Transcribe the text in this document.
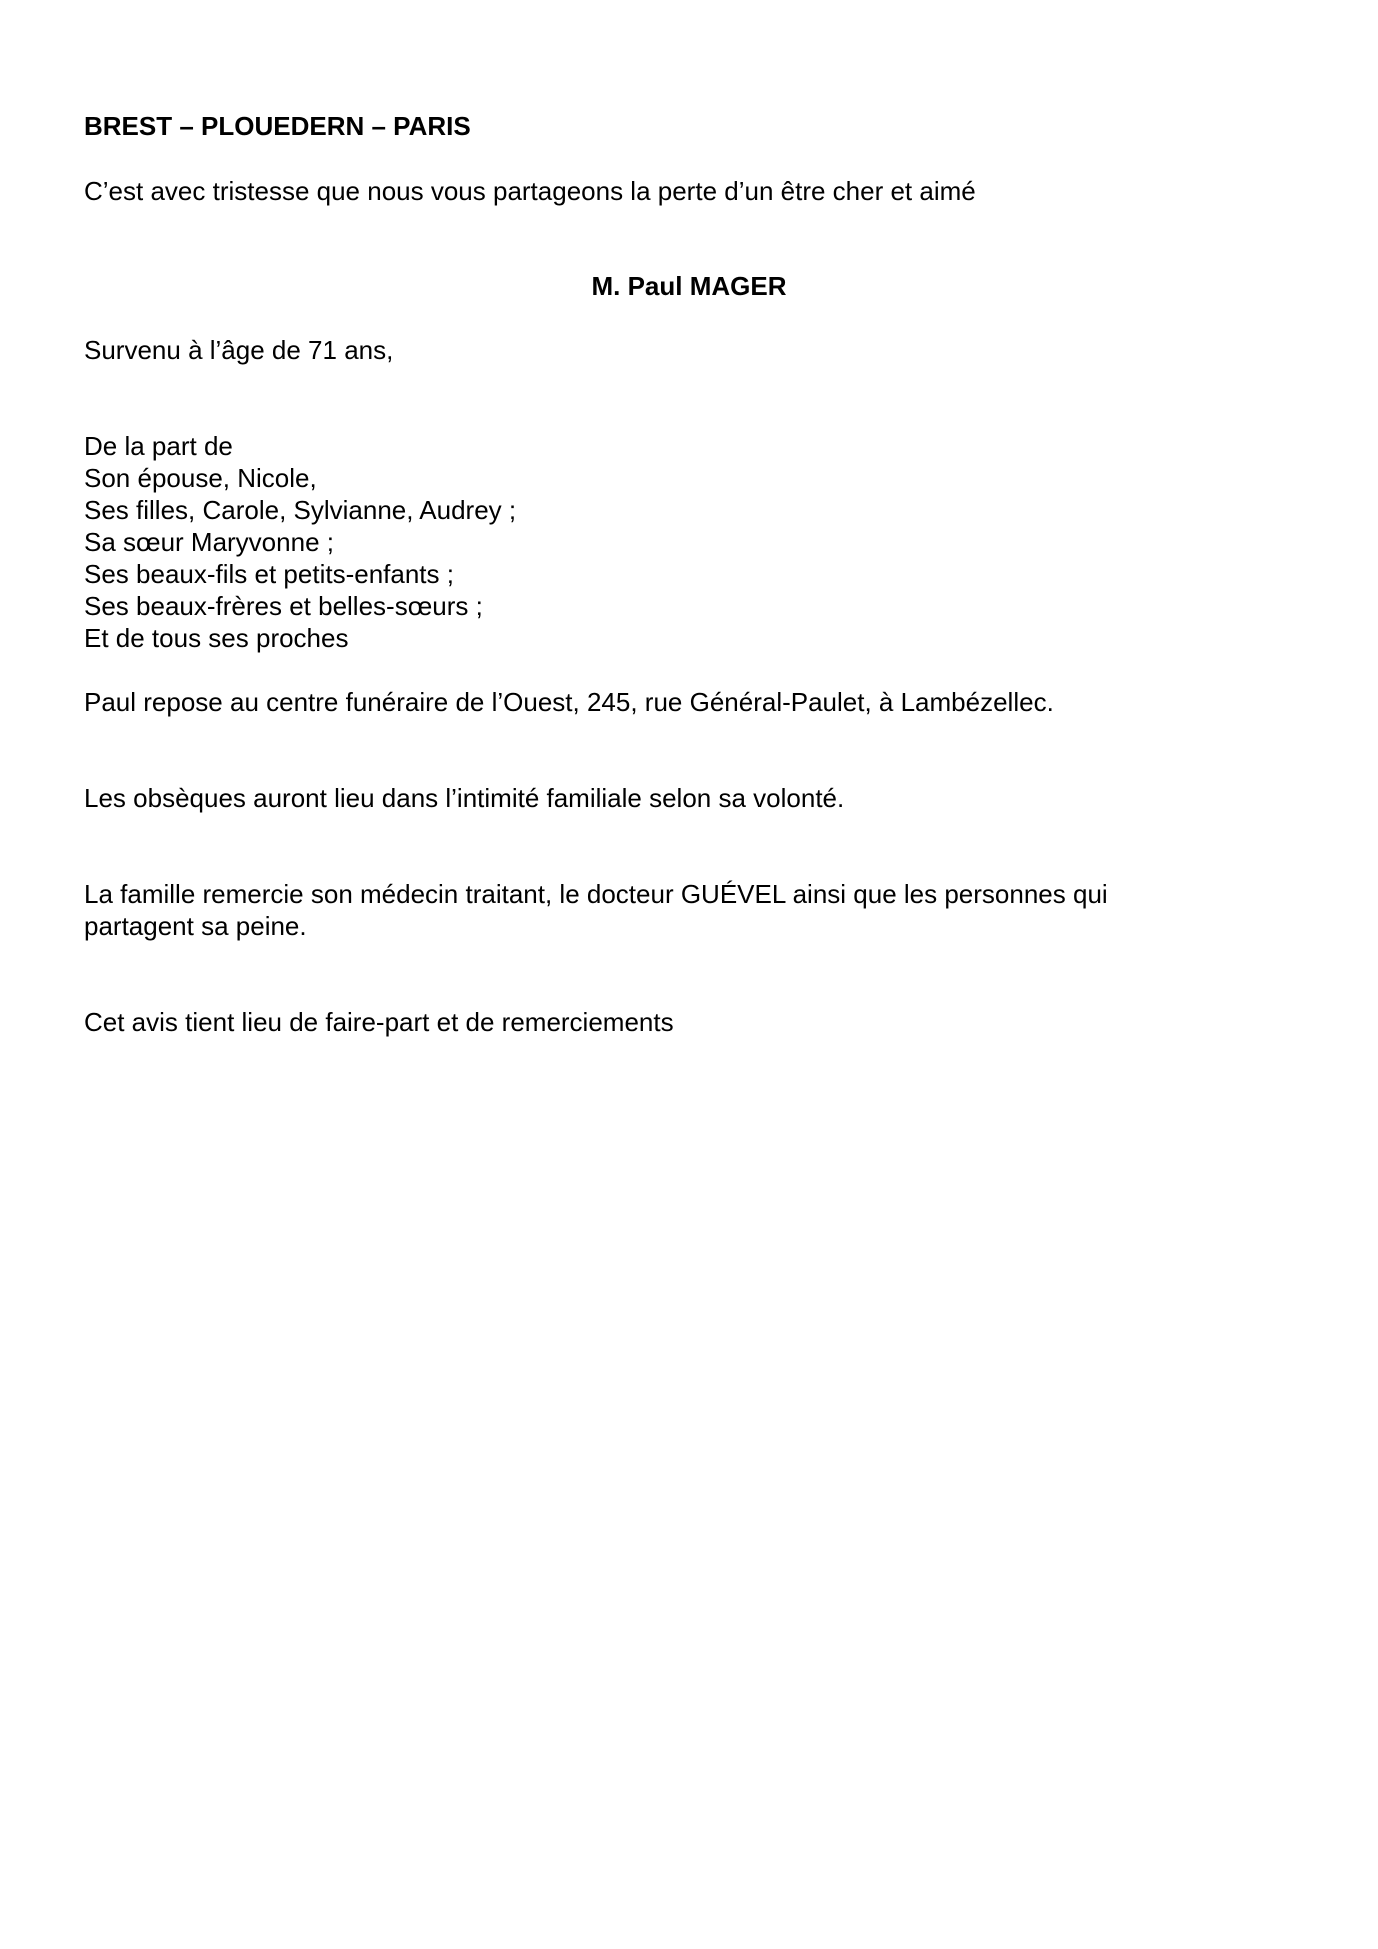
BREST – PLOUEDERN – PARIS
C’est avec tristesse que nous vous partageons la perte d’un être cher et aimé
M. Paul MAGER
Survenu à l’âge de 71 ans,
De la part de
Son épouse, Nicole,
Ses filles, Carole, Sylvianne, Audrey ;
Sa sœur Maryvonne ;
Ses beaux-fils et petits-enfants ;
Ses beaux-frères et belles-sœurs ;
Et de tous ses proches
Paul repose au centre funéraire de l’Ouest, 245, rue Général-Paulet, à Lambézellec.
Les obsèques auront lieu dans l’intimité familiale selon sa volonté.
La famille remercie son médecin traitant, le docteur GUÉVEL ainsi que les personnes qui
partagent sa peine.
Cet avis tient lieu de faire-part et de remerciements
